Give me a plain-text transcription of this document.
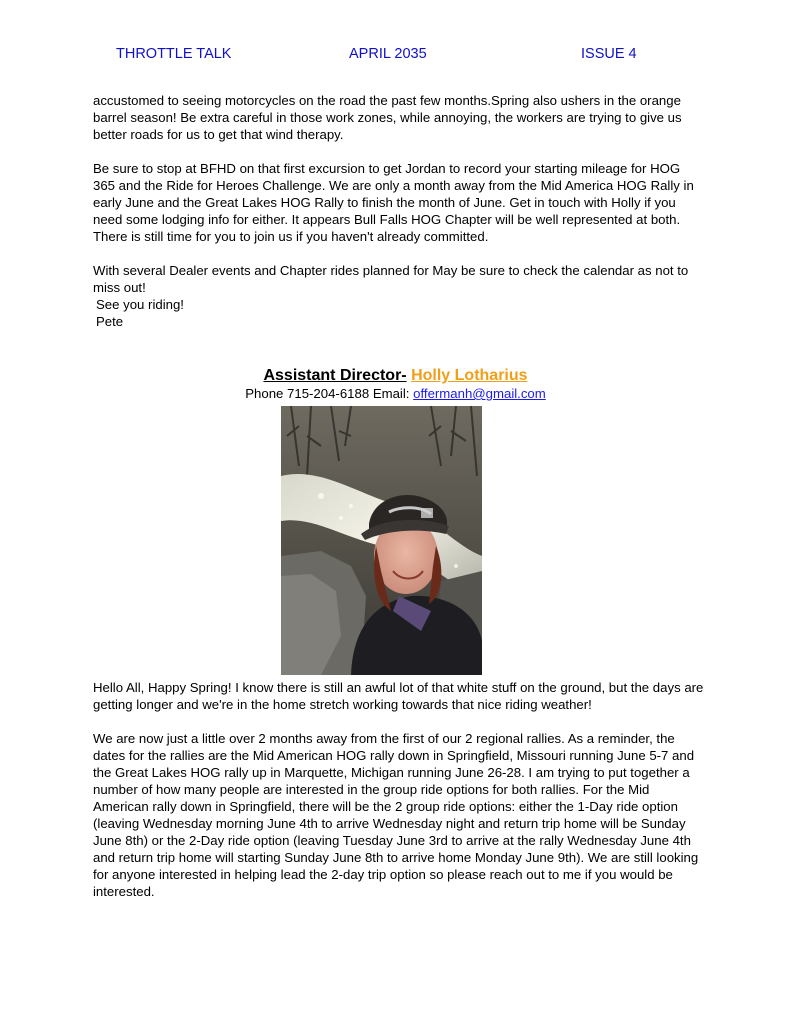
THROTTLE TALK	APRIL 2035	ISSUE 4

accustomed to seeing motorcycles on the road the past few months.Spring also ushers in the orange barrel season! Be extra careful in those work zones, while annoying, the workers are trying to give us better roads for us to get that wind therapy.

Be sure to stop at BFHD on that first excursion to get Jordan to record your starting mileage for HOG 365 and the Ride for Heroes Challenge. We are only a month away from the Mid America HOG Rally in early June and the Great Lakes HOG Rally to finish the month of June. Get in touch with Holly if you need some lodging info for either. It appears Bull Falls HOG Chapter will be well represented at both. There is still time for you to join us if you haven't already committed.

With several Dealer events and Chapter rides planned for May be sure to check the calendar as not to miss out!
See you riding!
Pete

Assistant Director- Holly Lotharius
Phone 715-204-6188 Email: offermanh@gmail.com

Hello All, Happy Spring! I know there is still an awful lot of that white stuff on the ground, but the days are getting longer and we're in the home stretch working towards that nice riding weather!

We are now just a little over 2 months away from the first of our 2 regional rallies. As a reminder, the dates for the rallies are the Mid American HOG rally down in Springfield, Missouri running June 5-7 and the Great Lakes HOG rally up in Marquette, Michigan running June 26-28. I am trying to put together a number of how many people are interested in the group ride options for both rallies. For the Mid American rally down in Springfield, there will be the 2 group ride options: either the 1-Day ride option (leaving Wednesday morning June 4th to arrive Wednesday night and return trip home will be Sunday June 8th) or the 2-Day ride option (leaving Tuesday June 3rd to arrive at the rally Wednesday June 4th and return trip home will starting Sunday June 8th to arrive home Monday June 9th). We are still looking for anyone interested in helping lead the 2-day trip option so please reach out to me if you would be interested.
